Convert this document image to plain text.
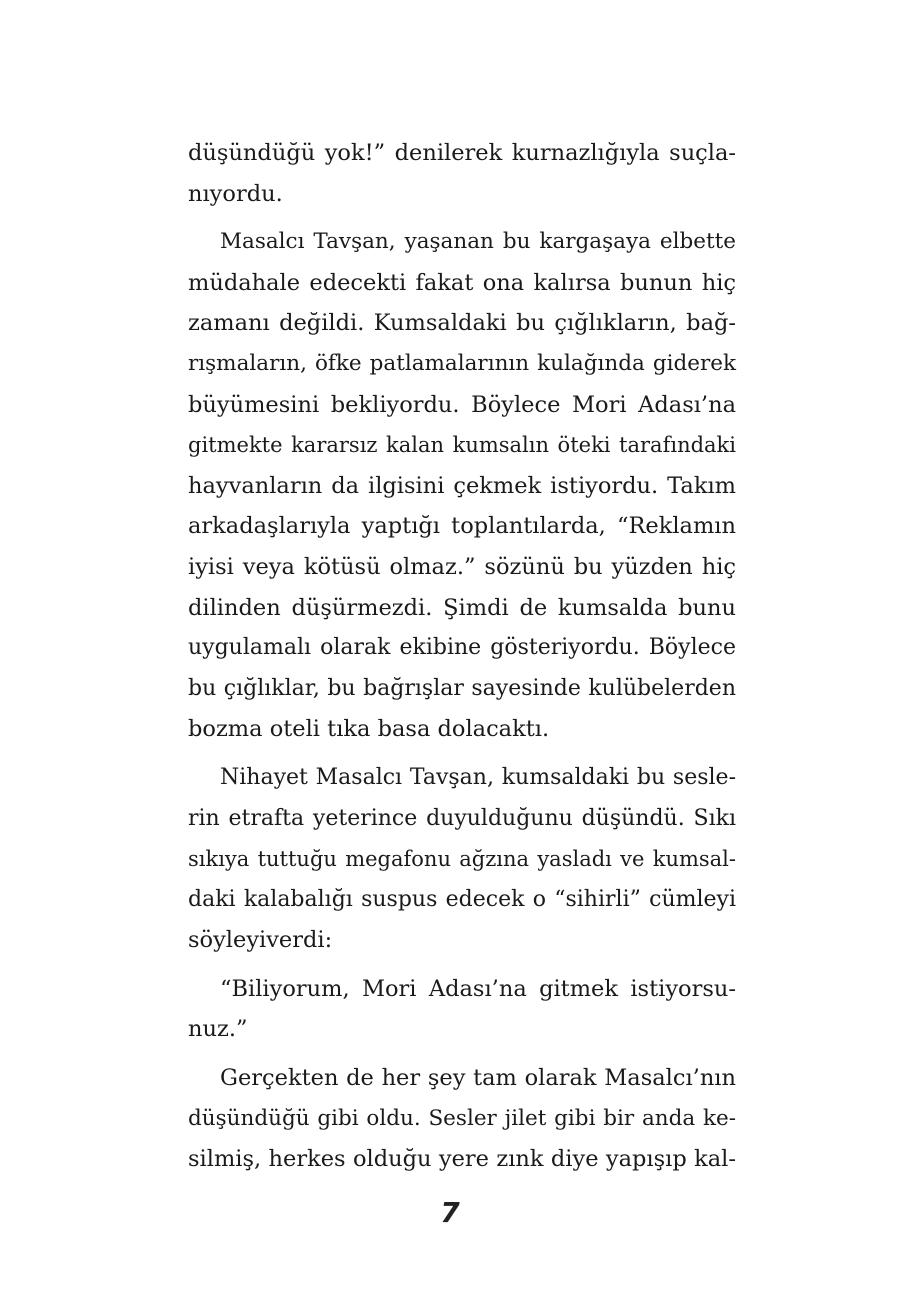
düşündüğü yok!” denilerek kurnazlığıyla suçla-
nıyordu.
Masalcı Tavşan, yaşanan bu kargaşaya elbette
müdahale edecekti fakat ona kalırsa bunun hiç
zamanı değildi. Kumsaldaki bu çığlıkların, bağ-
rışmaların, öfke patlamalarının kulağında giderek
büyümesini bekliyordu. Böylece Mori Adası’na
gitmekte kararsız kalan kumsalın öteki tarafındaki
hayvanların da ilgisini çekmek istiyordu. Takım
arkadaşlarıyla yaptığı toplantılarda, “Reklamın
iyisi veya kötüsü olmaz.” sözünü bu yüzden hiç
dilinden düşürmezdi. Şimdi de kumsalda bunu
uygulamalı olarak ekibine gösteriyordu. Böylece
bu çığlıklar, bu bağrışlar sayesinde kulübelerden
bozma oteli tıka basa dolacaktı.
Nihayet Masalcı Tavşan, kumsaldaki bu sesle-
rin etrafta yeterince duyulduğunu düşündü. Sıkı
sıkıya tuttuğu megafonu ağzına yasladı ve kumsal-
daki kalabalığı suspus edecek o “sihirli” cümleyi
söyleyiverdi:
“Biliyorum, Mori Adası’na gitmek istiyorsu-
nuz.”
Gerçekten de her şey tam olarak Masalcı’nın
düşündüğü gibi oldu. Sesler jilet gibi bir anda ke-
silmiş, herkes olduğu yere zınk diye yapışıp kal-
7
